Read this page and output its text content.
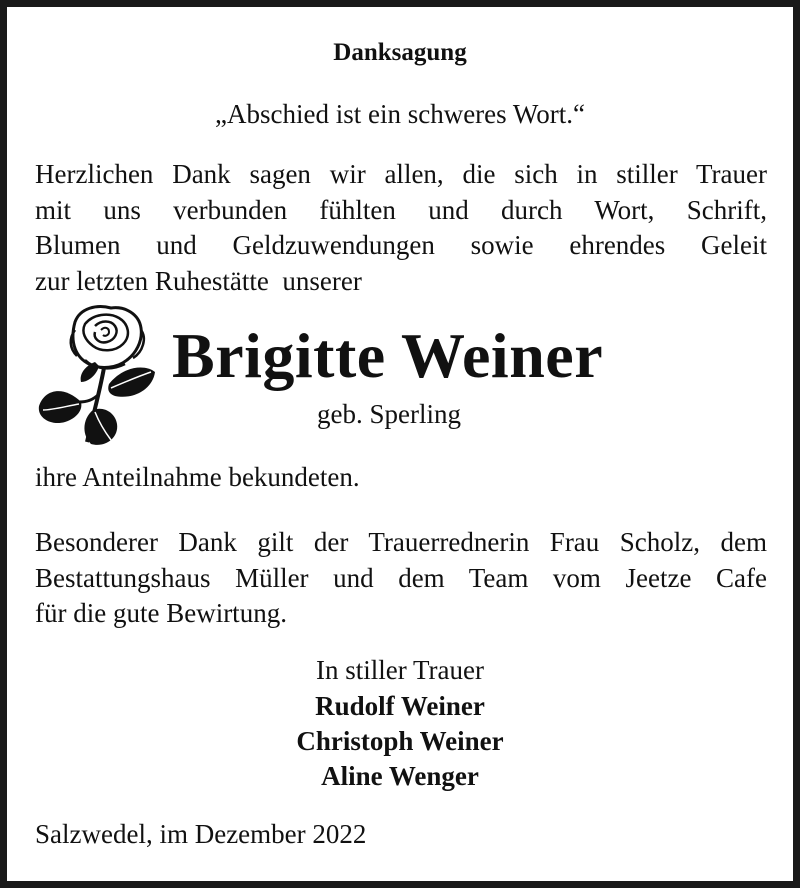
Danksagung
„Abschied ist ein schweres Wort.“
Herzlichen Dank sagen wir allen, die sich in stiller Trauer
mit uns verbunden fühlten und durch Wort, Schrift,
Blumen und Geldzuwendungen sowie ehrendes Geleit
zur letzten Ruhestätte  unserer
Brigitte Weiner
geb. Sperling
ihre Anteilnahme bekundeten.
Besonderer Dank gilt der Trauerrednerin Frau Scholz, dem
Bestattungshaus Müller und dem Team vom Jeetze Cafe
für die gute Bewirtung.
In stiller Trauer
Rudolf Weiner
Christoph Weiner
Aline Wenger
Salzwedel, im Dezember 2022
